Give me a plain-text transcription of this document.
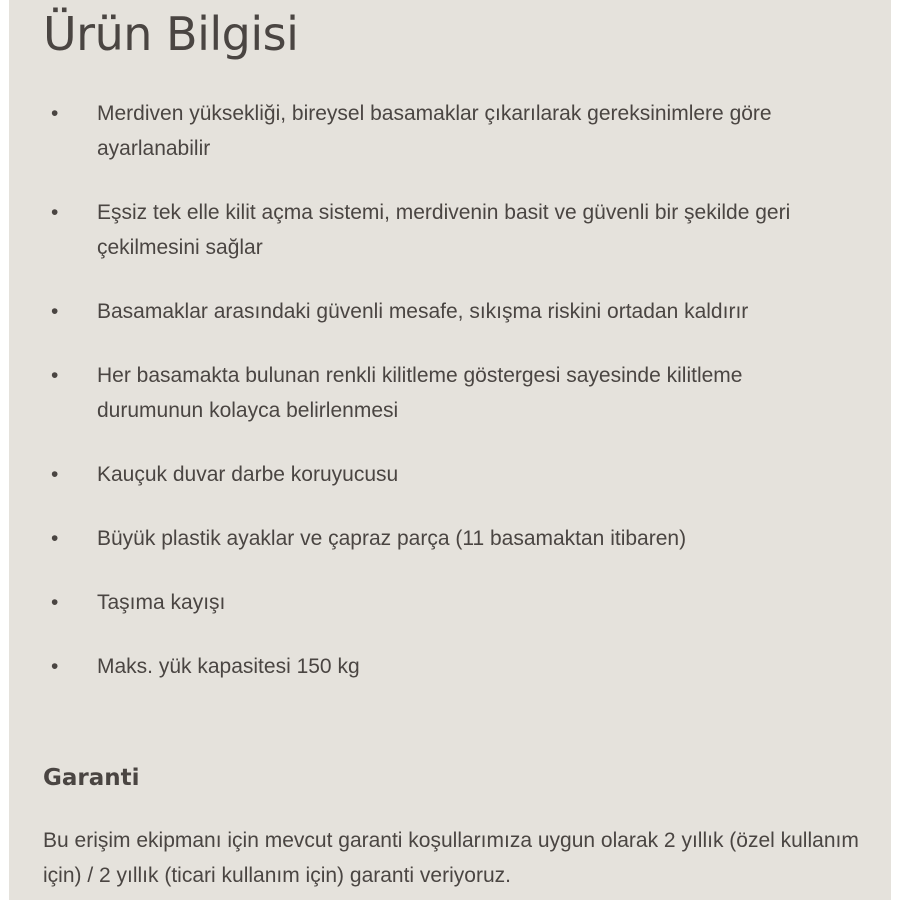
Ürün Bilgisi
• Merdiven yüksekliği, bireysel basamaklar çıkarılarak gereksinimlere göre ayarlanabilir
• Eşsiz tek elle kilit açma sistemi, merdivenin basit ve güvenli bir şekilde geri çekilmesini sağlar
• Basamaklar arasındaki güvenli mesafe, sıkışma riskini ortadan kaldırır
• Her basamakta bulunan renkli kilitleme göstergesi sayesinde kilitleme durumunun kolayca belirlenmesi
• Kauçuk duvar darbe koruyucusu
• Büyük plastik ayaklar ve çapraz parça (11 basamaktan itibaren)
• Taşıma kayışı
• Maks. yük kapasitesi 150 kg
Garanti

Bu erişim ekipmanı için mevcut garanti koşullarımıza uygun olarak 2 yıllık (özel kullanım için) / 2 yıllık (ticari kullanım için) garanti veriyoruz.
